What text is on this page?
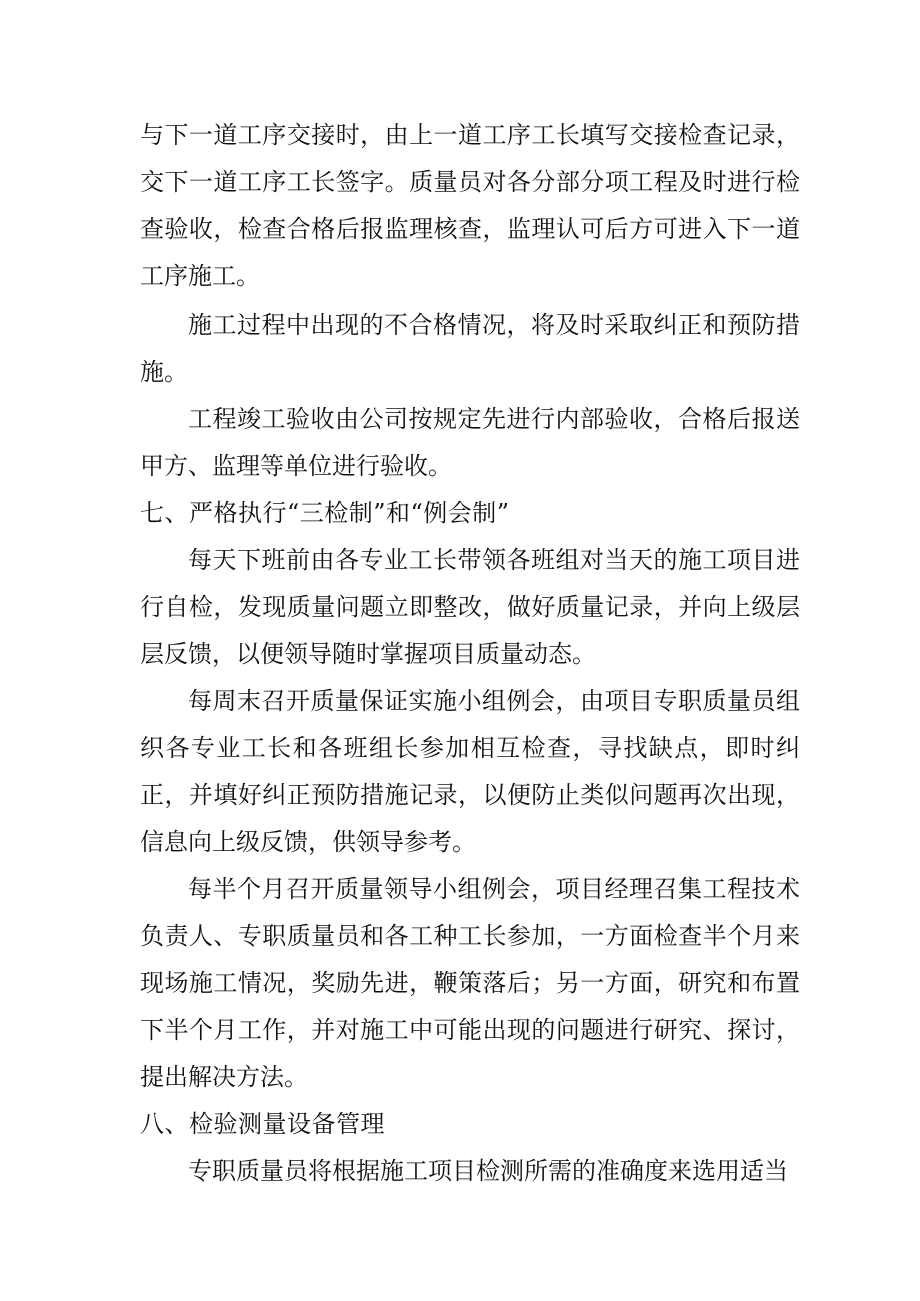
与下一道工序交接时，由上一道工序工长填写交接检查记录，交下一道工序工长签字。质量员对各分部分项工程及时进行检查验收，检查合格后报监理核查，监理认可后方可进入下一道工序施工。

施工过程中出现的不合格情况，将及时采取纠正和预防措施。

工程竣工验收由公司按规定先进行内部验收，合格后报送甲方、监理等单位进行验收。

七、严格执行“三检制”和“例会制”

每天下班前由各专业工长带领各班组对当天的施工项目进行自检，发现质量问题立即整改，做好质量记录，并向上级层层反馈，以便领导随时掌握项目质量动态。

每周末召开质量保证实施小组例会，由项目专职质量员组织各专业工长和各班组长参加相互检查，寻找缺点，即时纠正，并填好纠正预防措施记录，以便防止类似问题再次出现，信息向上级反馈，供领导参考。

每半个月召开质量领导小组例会，项目经理召集工程技术负责人、专职质量员和各工种工长参加，一方面检查半个月来现场施工情况，奖励先进，鞭策落后；另一方面，研究和布置下半个月工作，并对施工中可能出现的问题进行研究、探讨，提出解决方法。

八、检验测量设备管理

专职质量员将根据施工项目检测所需的准确度来选用适当
